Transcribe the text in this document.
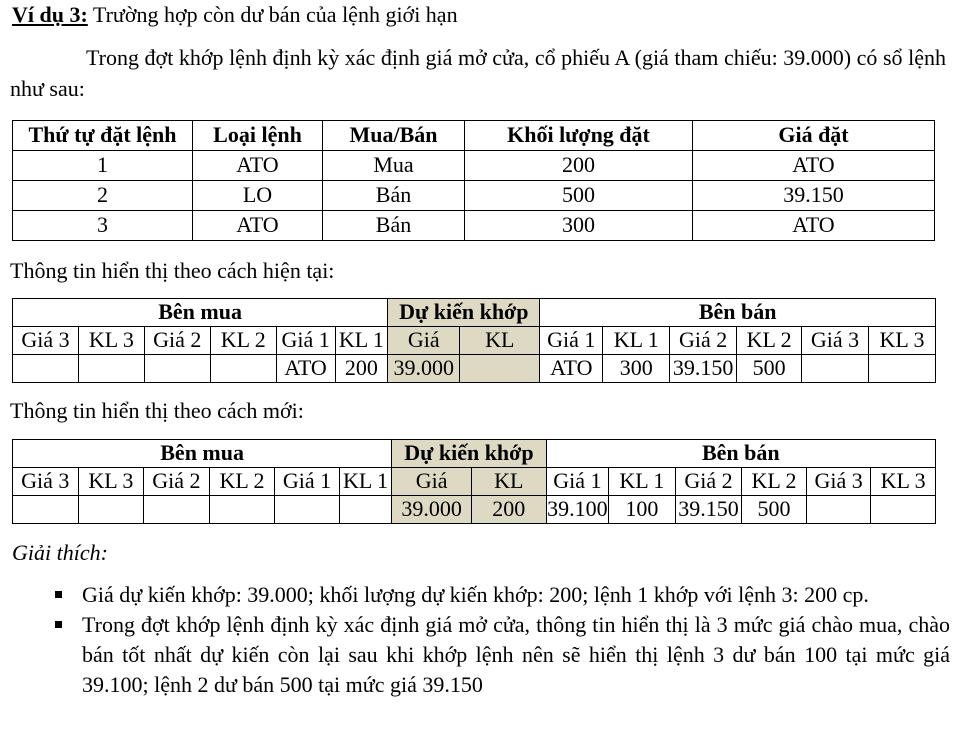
Ví dụ 3: Trường hợp còn dư bán của lệnh giới hạn
Trong đợt khớp lệnh định kỳ xác định giá mở cửa, cổ phiếu A (giá tham chiếu: 39.000) có sổ lệnh như sau:
Thứ tự đặt lệnh	Loại lệnh	Mua/Bán	Khối lượng đặt	Giá đặt
1	ATO	Mua	200	ATO
2	LO	Bán	500	39.150
3	ATO	Bán	300	ATO
Thông tin hiển thị theo cách hiện tại:
Bên mua						Dự kiến khớp		Bên bán					
Giá 3	KL 3	Giá 2	KL 2	Giá 1	KL 1	Giá	KL	Giá 1	KL 1	Giá 2	KL 2	Giá 3	KL 3
				ATO	200	39.000		ATO	300	39.150	500		
Thông tin hiển thị theo cách mới:
Bên mua						Dự kiến khớp		Bên bán					
Giá 3	KL 3	Giá 2	KL 2	Giá 1	KL 1	Giá	KL	Giá 1	KL 1	Giá 2	KL 2	Giá 3	KL 3
						39.000	200	39.100	100	39.150	500		
Giải thích:
Giá dự kiến khớp: 39.000; khối lượng dự kiến khớp: 200; lệnh 1 khớp với lệnh 3: 200 cp.
Trong đợt khớp lệnh định kỳ xác định giá mở cửa, thông tin hiển thị là 3 mức giá chào mua, chào bán tốt nhất dự kiến còn lại sau khi khớp lệnh nên sẽ hiển thị lệnh 3 dư bán 100 tại mức giá 39.100; lệnh 2 dư bán 500 tại mức giá 39.150
